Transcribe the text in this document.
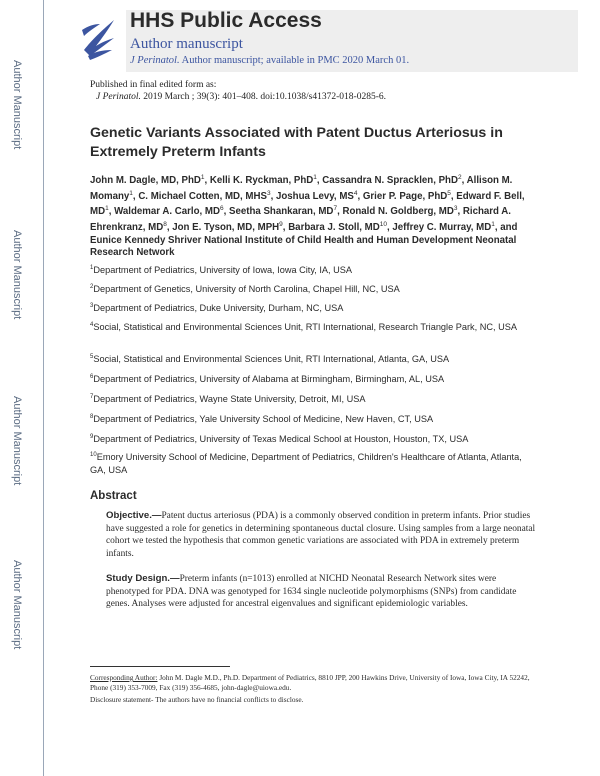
Author Manuscript
Author Manuscript
Author Manuscript
Author Manuscript
HHS Public Access
Author manuscript
J Perinatol. Author manuscript; available in PMC 2020 March 01.
Published in final edited form as:
J Perinatol. 2019 March ; 39(3): 401–408. doi:10.1038/s41372-018-0285-6.
Genetic Variants Associated with Patent Ductus Arteriosus in Extremely Preterm Infants
John M. Dagle, MD, PhD$^1$, Kelli K. Ryckman, PhD$^1$, Cassandra N. Spracklen, PhD$^2$, Allison M. Momany$^1$, C. Michael Cotten, MD, MHS$^3$, Joshua Levy, $MS^4$, Grier P. Page, PhD$^5$, Edward F. Bell, $MD^1$, Waldemar A. Carlo, $MD^6$, Seetha Shankaran, $MD^7$, Ronald N. Goldberg, $MD^3$, Richard A. Ehrenkranz, $MD^8$, Jon E. Tyson, MD, MPH$^9$, Barbara J. Stoll, MD$^{10}$, Jeffrey C. Murray, $MD^1$, and Eunice Kennedy Shriver National Institute of Child Health and Human Development Neonatal Research Network
$^1$Department of Pediatrics, University of Iowa, Iowa City, IA, USA
$^2$Department of Genetics, University of North Carolina, Chapel Hill, NC, USA
$^3$Department of Pediatrics, Duke University, Durham, NC, USA
$^4$Social, Statistical and Environmental Sciences Unit, RTI International, Research Triangle Park, NC, USA
$^5$Social, Statistical and Environmental Sciences Unit, RTI International, Atlanta, GA, USA
$^6$Department of Pediatrics, University of Alabama at Birmingham, Birmingham, AL, USA
$^7$Department of Pediatrics, Wayne State University, Detroit, MI, USA
$^8$Department of Pediatrics, Yale University School of Medicine, New Haven, CT, USA
$^9$Department of Pediatrics, University of Texas Medical School at Houston, Houston, TX, USA
$^{10}$Emory University School of Medicine, Department of Pediatrics, Children's Healthcare of Atlanta, Atlanta, GA, USA
Abstract
Objective.—Patent ductus arteriosus (PDA) is a commonly observed condition in preterm infants. Prior studies have suggested a role for genetics in determining spontaneous ductal closure. Using samples from a large neonatal cohort we tested the hypothesis that common genetic variations are associated with PDA in extremely preterm infants.
Study Design.—Preterm infants (n=1013) enrolled at NICHD Neonatal Research Network sites were phenotyped for PDA. DNA was genotyped for 1634 single nucleotide polymorphisms (SNPs) from candidate genes. Analyses were adjusted for ancestral eigenvalues and significant epidemiologic variables.
Corresponding Author: John M. Dagle M.D., Ph.D. Department of Pediatrics, 8810 JPP, 200 Hawkins Drive, University of Iowa, Iowa City, IA 52242, Phone (319) 353-7009, Fax (319) 356-4685, john-dagle@uiowa.edu.
Disclosure statement- The authors have no financial conflicts to disclose.
